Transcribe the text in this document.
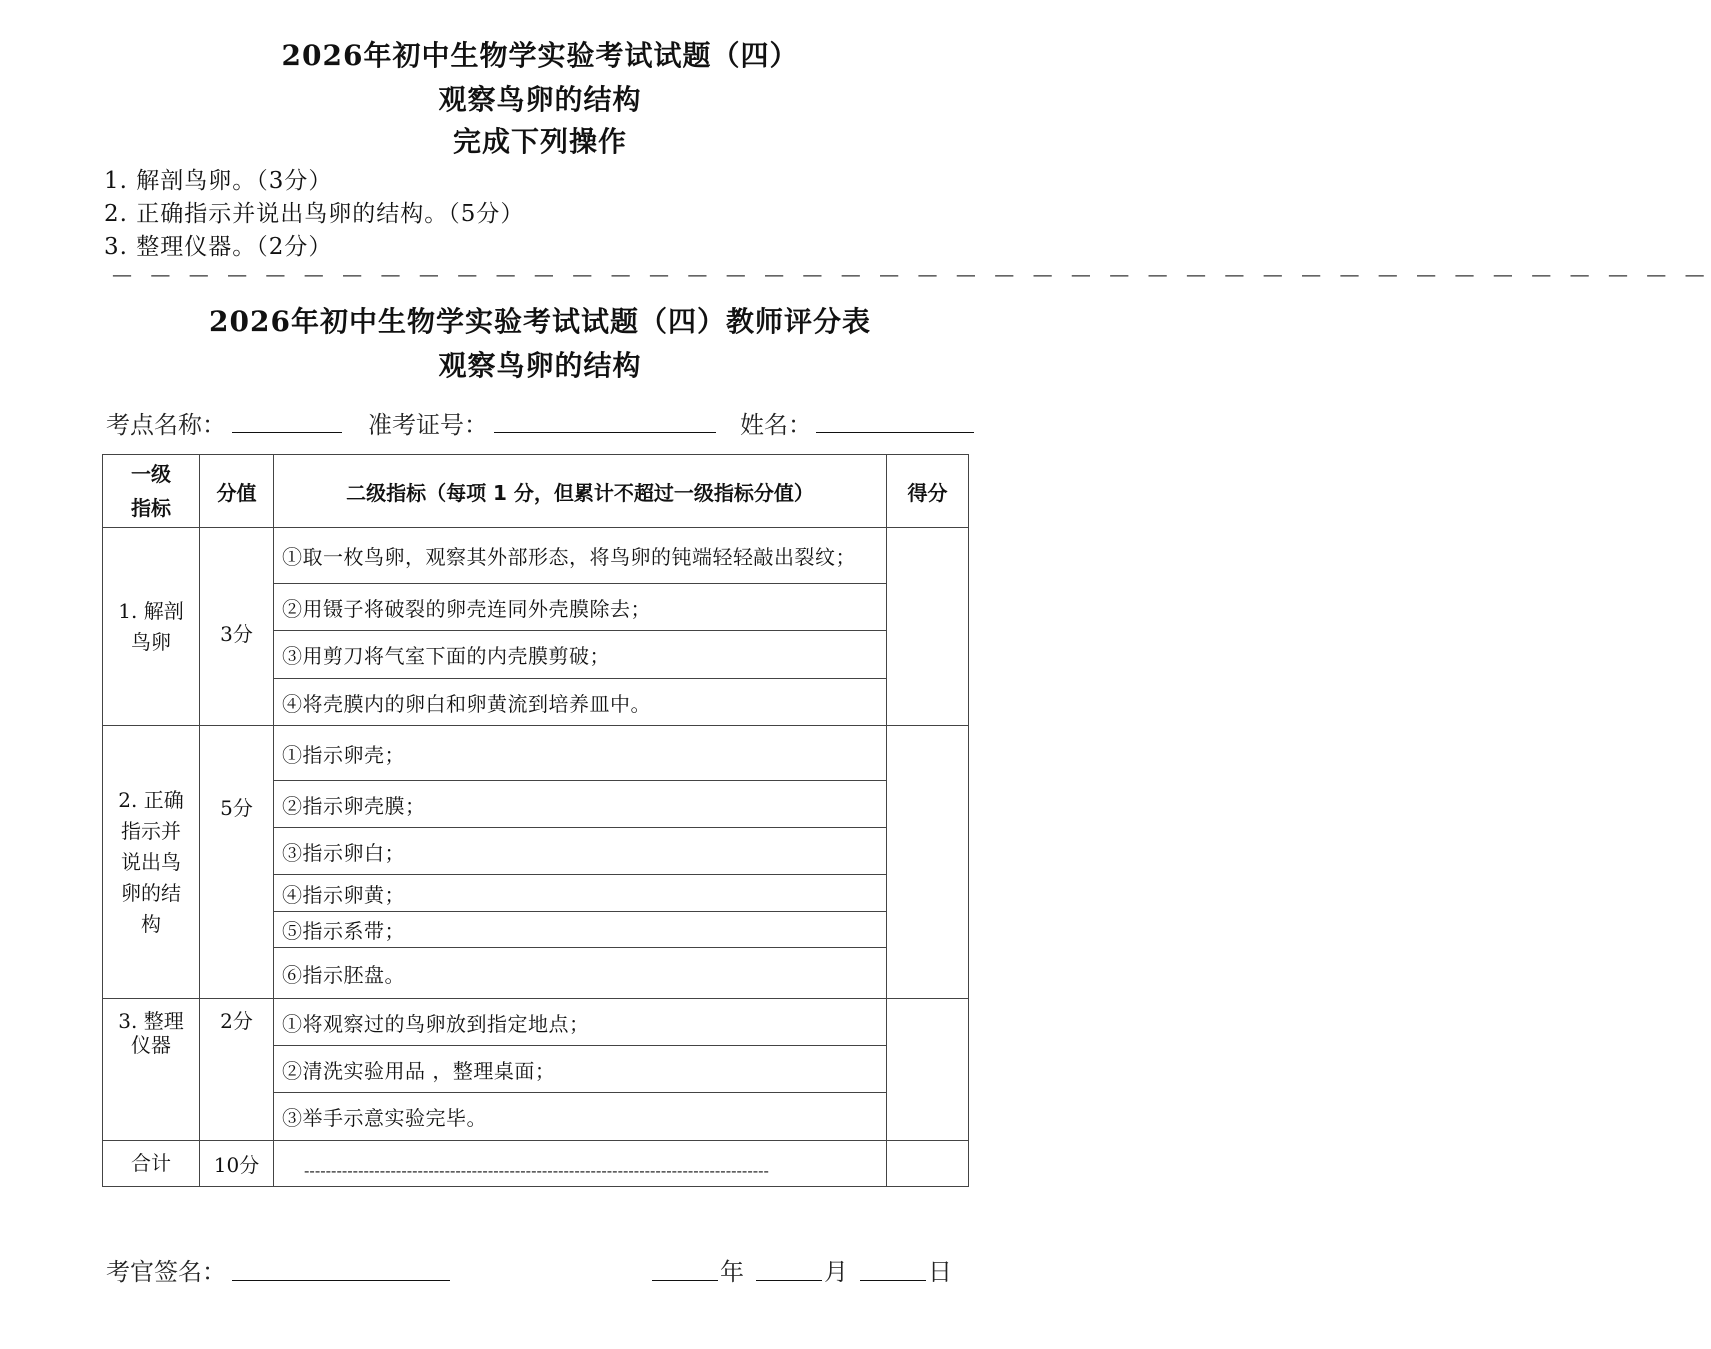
2026年初中生物学实验考试试题（四）
观察鸟卵的结构
完成下列操作
1. 解剖鸟卵。（3分）
2. 正确指示并说出鸟卵的结构。（5分）
3. 整理仪器。（2分）
— — — — — — — — — — — — — — — — — — — — — — — — — — — — — — — — — — — — — — — — — —
2026年初中生物学实验考试试题（四）教师评分表
观察鸟卵的结构
考点名称：	准考证号：	姓名：
一级
指标	分值	二级指标（每项 1 分，但累计不超过一级指标分值）	得分

1. 解剖
鸟卵	3分	①取一枚鸟卵，观察其外部形态，将鸟卵的钝端轻轻敲出裂纹；	
		②用镊子将破裂的卵壳连同外壳膜除去；	
		③用剪刀将气室下面的内壳膜剪破；	
		④将壳膜内的卵白和卵黄流到培养皿中。	

2. 正确
指示并
说出鸟
卵的结
构	5分	①指示卵壳；	
		②指示卵壳膜；	
		③指示卵白；	
		④指示卵黄；	
		⑤指示系带；	
		⑥指示胚盘。	

3. 整理
仪器	2分	①将观察过的鸟卵放到指定地点；	
		②清洗实验用品 ，整理桌面；	
		③举手示意实验完毕。	
合计	10分	--------------------------------------------------------------------------------------	

考官签名：	年	月	日
